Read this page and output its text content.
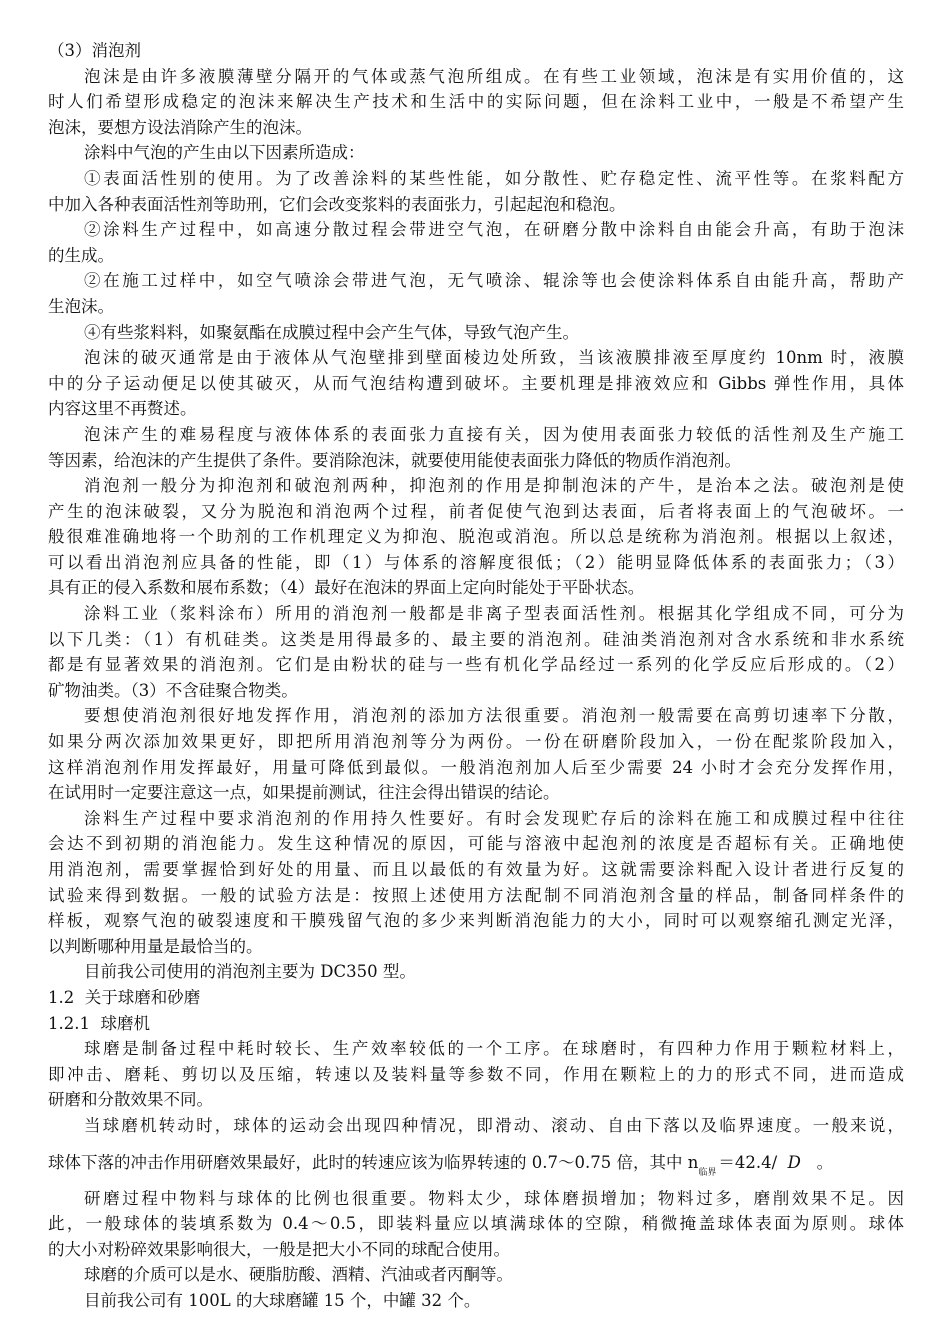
（3）消泡剂
泡沫是由许多液膜薄壁分隔开的气体或蒸气泡所组成。在有些工业领域，泡沫是有实用价值的，这
时人们希望形成稳定的泡沫来解决生产技术和生活中的实际问题，但在涂料工业中，一般是不希望产生
泡沫，要想方设法消除产生的泡沫。
涂料中气泡的产生由以下因素所造成：
①表面活性别的使用。为了改善涂料的某些性能，如分散性、贮存稳定性、流平性等。在浆料配方
中加入各种表面活性剂等助刑，它们会改变浆料的表面张力，引起起泡和稳泡。
②涂料生产过程中，如高速分散过程会带进空气泡，在研磨分散中涂料自由能会升高，有助于泡沫
的生成。
②在施工过样中，如空气喷涂会带进气泡，无气喷涂、辊涂等也会使涂料体系自由能升高，帮助产
生泡沫。
④有些浆料料，如聚氨酯在成膜过程中会产生气体，导致气泡产生。
泡沫的破灭通常是由于液体从气泡壁排到壁面棱边处所致，当该液膜排液至厚度约 10nm 时，液膜
中的分子运动便足以使其破灭，从而气泡结构遭到破坏。主要机理是排液效应和 Gibbs 弹性作用，具体
内容这里不再赘述。
泡沫产生的难易程度与液体体系的表面张力直接有关，因为使用表面张力较低的活性剂及生产施工
等因素，给泡沫的产生提供了条件。要消除泡沫，就要使用能使表面张力降低的物质作消泡剂。
消泡剂一般分为抑泡剂和破泡剂两种，抑泡剂的作用是抑制泡沫的产牛，是治本之法。破泡剂是使
产生的泡沫破裂，又分为脱泡和消泡两个过程，前者促使气泡到达表面，后者将表面上的气泡破坏。一
般很难准确地将一个助剂的工作机理定义为抑泡、脱泡或消泡。所以总是统称为消泡剂。根据以上叙述，
可以看出消泡剂应具备的性能，即（1）与体系的溶解度很低；（2）能明显降低体系的表面张力；（3）
具有正的侵入系数和展布系数；（4）最好在泡沫的界面上定向时能处于平卧状态。
涂料工业（浆料涂布）所用的消泡剂一般都是非离子型表面活性剂。根据其化学组成不同，可分为
以下几类：（1）有机硅类。这类是用得最多的、最主要的消泡剂。硅油类消泡剂对含水系统和非水系统
都是有显著效果的消泡剂。它们是由粉状的硅与一些有机化学品经过一系列的化学反应后形成的。（2）
矿物油类。（3）不含硅聚合物类。
要想使消泡剂很好地发挥作用，消泡剂的添加方法很重要。消泡剂一般需要在高剪切速率下分散，
如果分两次添加效果更好，即把所用消泡剂等分为两份。一份在研磨阶段加入，一份在配浆阶段加入，
这样消泡剂作用发挥最好，用量可降低到最似。一般消泡剂加人后至少需要 24 小时才会充分发挥作用，
在试用时一定要注意这一点，如果提前测试，往注会得出错误的结论。
涂料生产过程中要求消泡剂的作用持久性要好。有时会发现贮存后的涂料在施工和成膜过程中往往
会达不到初期的消泡能力。发生这种情况的原因，可能与溶液中起泡剂的浓度是否超标有关。正确地使
用消泡剂，需要掌握恰到好处的用量、而且以最低的有效量为好。这就需要涂料配入设计者进行反复的
试验来得到数据。一般的试验方法是：按照上述使用方法配制不同消泡剂含量的样品，制备同样条件的
样板，观察气泡的破裂速度和干膜残留气泡的多少来判断消泡能力的大小，同时可以观察缩孔测定光泽，
以判断哪种用量是最恰当的。
目前我公司使用的消泡剂主要为 DC350 型。
1.2  关于球磨和砂磨
1.2.1  球磨机
球磨是制备过程中耗时较长、生产效率较低的一个工序。在球磨时，有四种力作用于颗粒材料上，
即冲击、磨耗、剪切以及压缩，转速以及装料量等参数不同，作用在颗粒上的力的形式不同，进而造成
研磨和分散效果不同。
当球磨机转动时，球体的运动会出现四种情况，即滑动、滚动、自由下落以及临界速度。一般来说，
球体下落的冲击作用研磨效果最好，此时的转速应该为临界转速的 0.7～0.75 倍，其中 $n_{临界}=42.4/$ D 。
研磨过程中物料与球体的比例也很重要。物料太少，球体磨损增加；物料过多，磨削效果不足。因
此，一般球体的装填系数为 0.4～0.5，即装料量应以填满球体的空隙，稍微掩盖球体表面为原则。球体
的大小对粉碎效果影响很大，一般是把大小不同的球配合使用。
球磨的介质可以是水、硬脂肪酸、酒精、汽油或者丙酮等。
目前我公司有 100L 的大球磨罐 15 个，中罐 32 个。
